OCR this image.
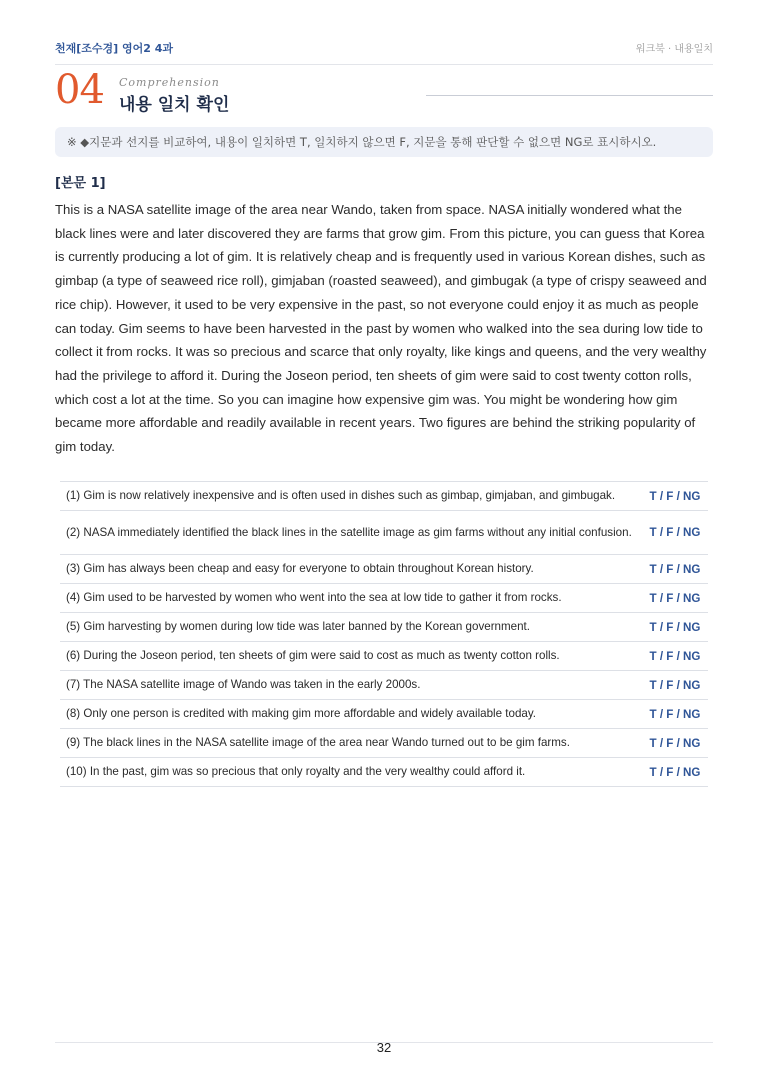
천재[조수경] 영어2 4과	워크북 · 내용일치
04 Comprehension
내용 일치 확인
※ ◆지문과 선지를 비교하여, 내용이 일치하면 T, 일치하지 않으면 F, 지문을 통해 판단할 수 없으면 NG로 표시하시오.
[본문 1]

This is a NASA satellite image of the area near Wando, taken from space. NASA initially wondered what the black lines were and later discovered they are farms that grow gim. From this picture, you can guess that Korea is currently producing a lot of gim. It is relatively cheap and is frequently used in various Korean dishes, such as gimbap (a type of seaweed rice roll), gimjaban (roasted seaweed), and gimbugak (a type of crispy seaweed and rice chip). However, it used to be very expensive in the past, so not everyone could enjoy it as much as people can today. Gim seems to have been harvested in the past by women who walked into the sea during low tide to collect it from rocks. It was so precious and scarce that only royalty, like kings and queens, and the very wealthy had the privilege to afford it. During the Joseon period, ten sheets of gim were said to cost twenty cotton rolls, which cost a lot at the time. So you can imagine how expensive gim was. You might be wondering how gim became more affordable and readily available in recent years. Two figures are behind the striking popularity of gim today.

(1) Gim is now relatively inexpensive and is often used in dishes such as gimbap, gimjaban, and gimbugak.	T / F / NG
(2) NASA immediately identified the black lines in the satellite image as gim farms without any initial confusion.	T / F / NG
(3) Gim has always been cheap and easy for everyone to obtain throughout Korean history.	T / F / NG
(4) Gim used to be harvested by women who went into the sea at low tide to gather it from rocks.	T / F / NG
(5) Gim harvesting by women during low tide was later banned by the Korean government.	T / F / NG
(6) During the Joseon period, ten sheets of gim were said to cost as much as twenty cotton rolls.	T / F / NG
(7) The NASA satellite image of Wando was taken in the early 2000s.	T / F / NG
(8) Only one person is credited with making gim more affordable and widely available today.	T / F / NG
(9) The black lines in the NASA satellite image of the area near Wando turned out to be gim farms.	T / F / NG
(10) In the past, gim was so precious that only royalty and the very wealthy could afford it.	T / F / NG
32
